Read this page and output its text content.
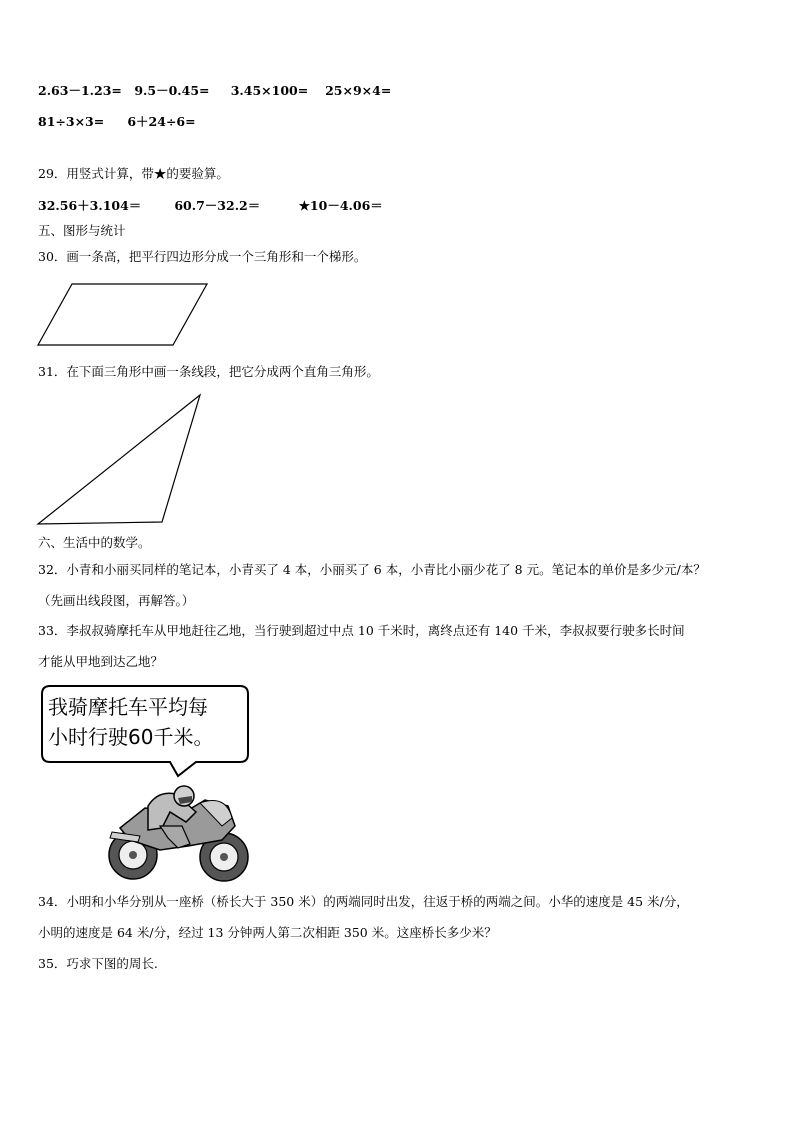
2.63－1.23= 9.5－0.45= 3.45×100= 25×9×4=
81÷3×3= 6＋24÷6=
29．用竖式计算，带★的要验算。
32.56＋3.104＝	60.7－32.2＝	★10－4.06＝
五、图形与统计
30．画一条高，把平行四边形分成一个三角形和一个梯形。
31．在下面三角形中画一条线段，把它分成两个直角三角形。
六、生活中的数学。
32．小青和小丽买同样的笔记本，小青买了 4 本，小丽买了 6 本，小青比小丽少花了 8 元。笔记本的单价是多少元/本？
（先画出线段图，再解答。）
33．李叔叔骑摩托车从甲地赶往乙地，当行驶到超过中点 10 千米时，离终点还有 140 千米，李叔叔要行驶多长时间
才能从甲地到达乙地？
我骑摩托车平均每
小时行驶60千米。
34．小明和小华分别从一座桥（桥长大于 350 米）的两端同时出发，往返于桥的两端之间。小华的速度是 45 米/分，
小明的速度是 64 米/分，经过 13 分钟两人第二次相距 350 米。这座桥长多少米？
35．巧求下图的周长.
